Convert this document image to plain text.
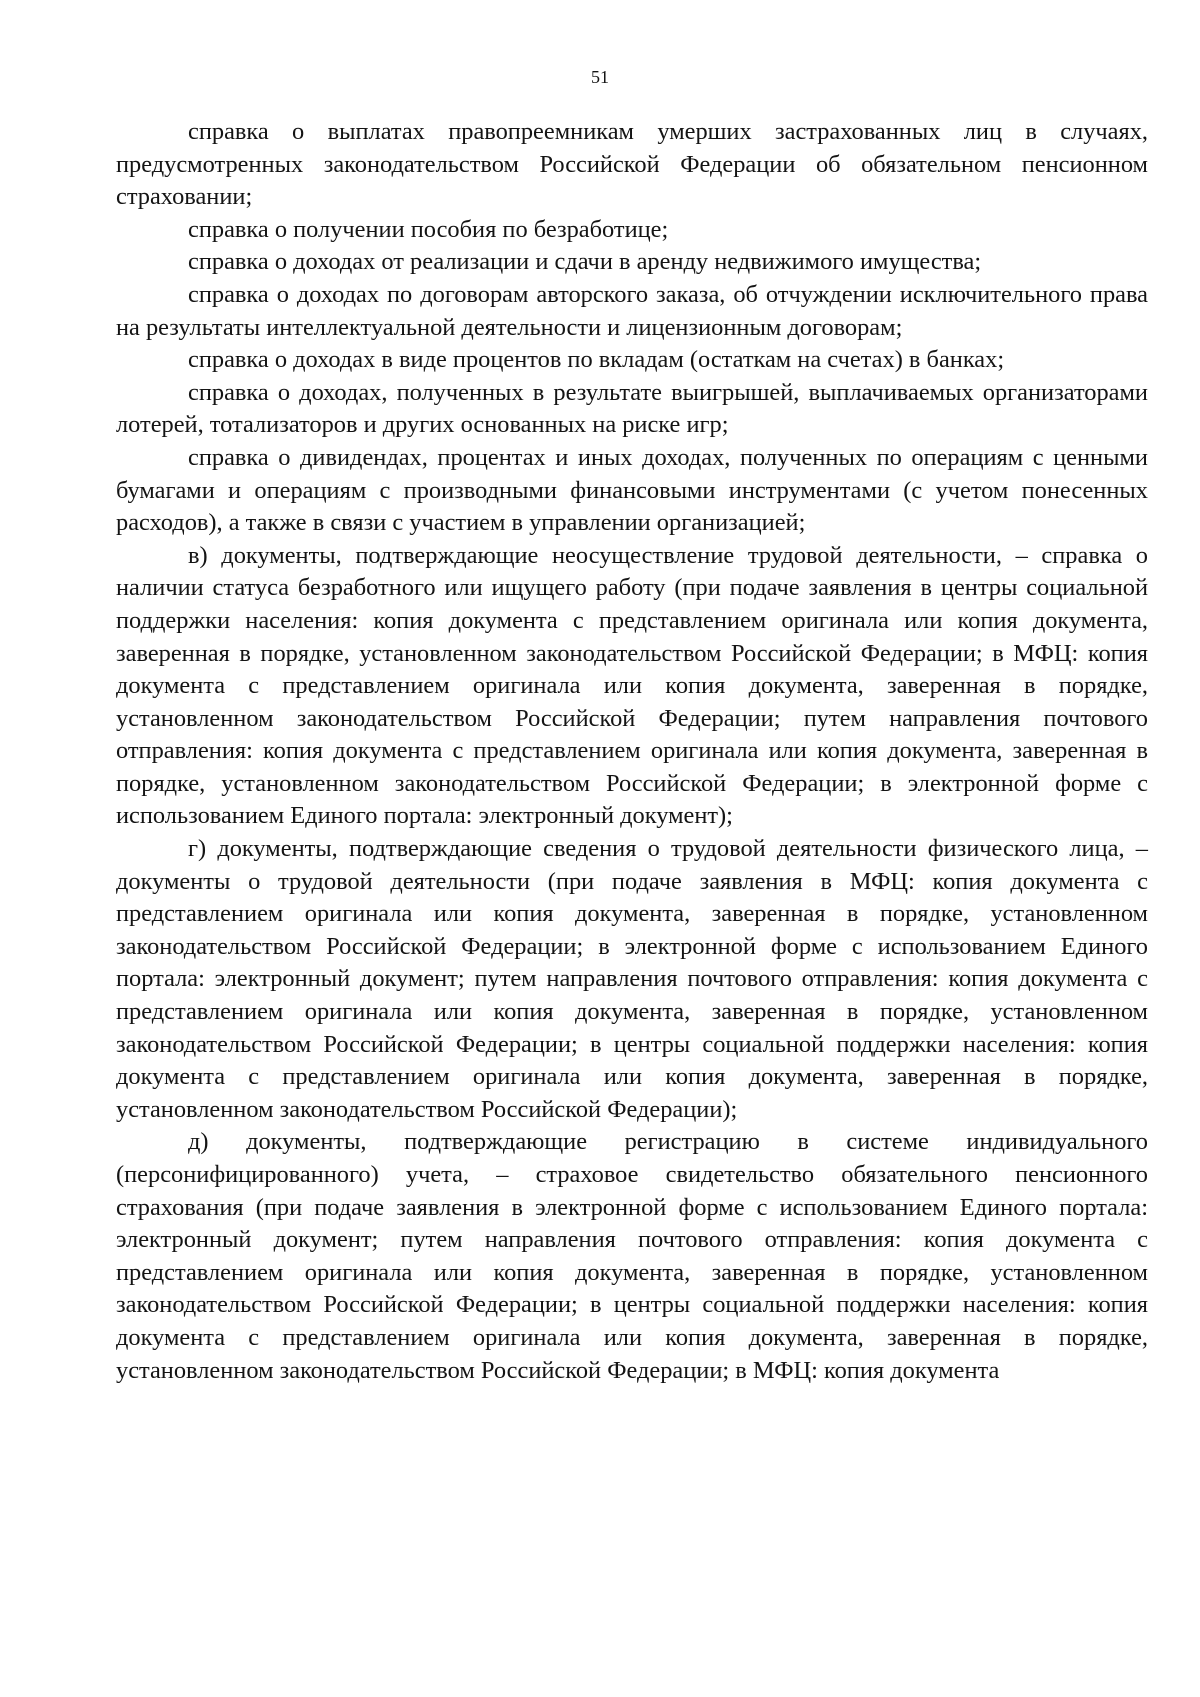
51

справка о выплатах правопреемникам умерших застрахованных лиц в случаях, предусмотренных законодательством Российской Федерации об обязательном пенсионном страховании;

справка о получении пособия по безработице;

справка о доходах от реализации и сдачи в аренду недвижимого имущества;

справка о доходах по договорам авторского заказа, об отчуждении исключительного права на результаты интеллектуальной деятельности и лицензионным договорам;

справка о доходах в виде процентов по вкладам (остаткам на счетах) в банках;

справка о доходах, полученных в результате выигрышей, выплачиваемых организаторами лотерей, тотализаторов и других основанных на риске игр;

справка о дивидендах, процентах и иных доходах, полученных по операциям с ценными бумагами и операциям с производными финансовыми инструментами (с учетом понесенных расходов), а также в связи с участием в управлении организацией;

в) документы, подтверждающие неосуществление трудовой деятельности, – справка о наличии статуса безработного или ищущего работу (при подаче заявления в центры социальной поддержки населения: копия документа с представлением оригинала или копия документа, заверенная в порядке, установленном законодательством Российской Федерации; в МФЦ: копия документа с представлением оригинала или копия документа, заверенная в порядке, установленном законодательством Российской Федерации; путем направления почтового отправления: копия документа с представлением оригинала или копия документа, заверенная в порядке, установленном законодательством Российской Федерации; в электронной форме с использованием Единого портала: электронный документ);

г) документы, подтверждающие сведения о трудовой деятельности физического лица, – документы о трудовой деятельности (при подаче заявления в МФЦ: копия документа с представлением оригинала или копия документа, заверенная в порядке, установленном законодательством Российской Федерации; в электронной форме с использованием Единого портала: электронный документ; путем направления почтового отправления: копия документа с представлением оригинала или копия документа, заверенная в порядке, установленном законодательством Российской Федерации; в центры социальной поддержки населения: копия документа с представлением оригинала или копия документа, заверенная в порядке, установленном законодательством Российской Федерации);

д) документы, подтверждающие регистрацию в системе индивидуального (персонифицированного) учета, – страховое свидетельство обязательного пенсионного страхования (при подаче заявления в электронной форме с использованием Единого портала: электронный документ; путем направления почтового отправления: копия документа с представлением оригинала или копия документа, заверенная в порядке, установленном законодательством Российской Федерации; в центры социальной поддержки населения: копия документа с представлением оригинала или копия документа, заверенная в порядке, установленном законодательством Российской Федерации; в МФЦ: копия документа
